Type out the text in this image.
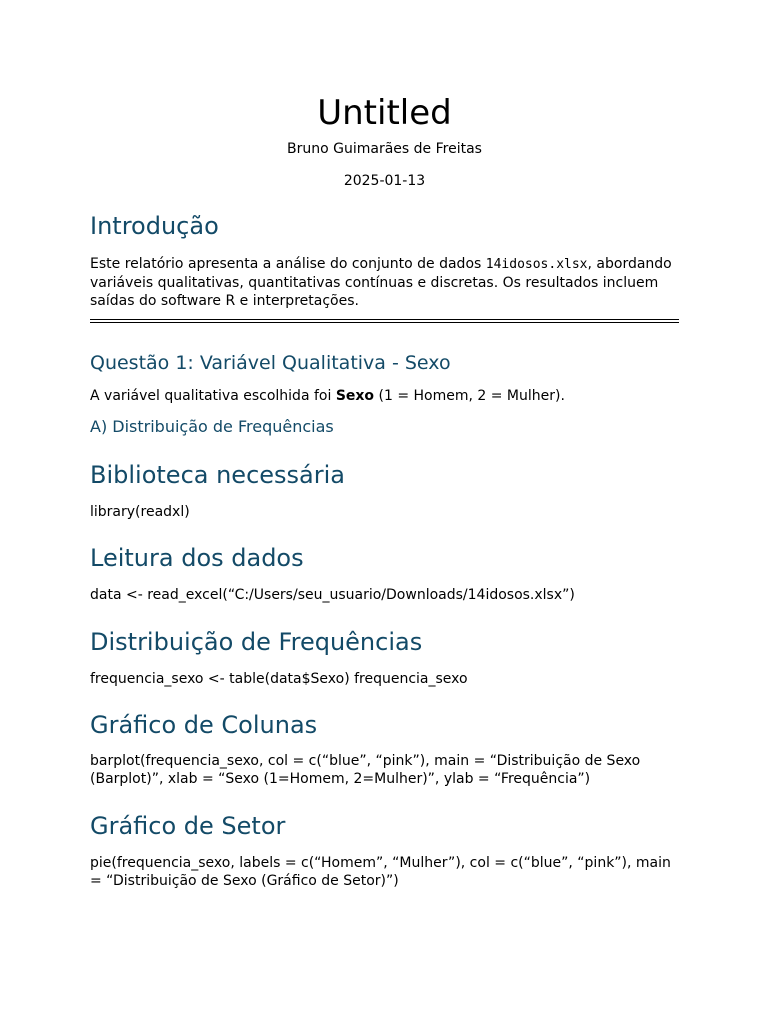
Untitled
Bruno Guimarães de Freitas
2025-01-13
Introdução

Este relatório apresenta a análise do conjunto de dados 14idosos.xlsx, abordando variáveis qualitativas, quantitativas contínuas e discretas. Os resultados incluem saídas do software R e interpretações.

Questão 1: Variável Qualitativa - Sexo

A variável qualitativa escolhida foi Sexo (1 = Homem, 2 = Mulher).

A) Distribuição de Frequências
Biblioteca necessária

library(readxl)

Leitura dos dados

data <- read_excel(“C:/Users/seu_usuario/Downloads/14idosos.xlsx”)

Distribuição de Frequências

frequencia_sexo <- table(data$Sexo) frequencia_sexo

Gráfico de Colunas

barplot(frequencia_sexo, col = c(“blue”, “pink”), main = “Distribuição de Sexo (Barplot)”, xlab = “Sexo (1=Homem, 2=Mulher)”, ylab = “Frequência”)

Gráfico de Setor

pie(frequencia_sexo, labels = c(“Homem”, “Mulher”), col = c(“blue”, “pink”), main = “Distribuição de Sexo (Gráfico de Setor)”)
